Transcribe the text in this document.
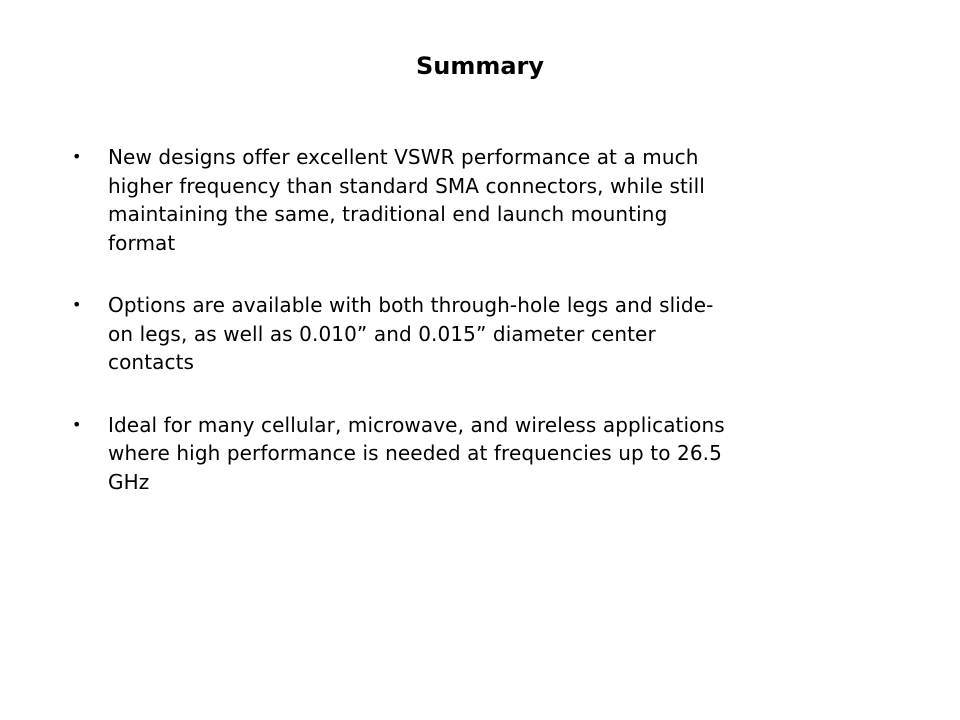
Summary
• New designs offer excellent VSWR performance at a much
higher frequency than standard SMA connectors, while still
maintaining the same, traditional end launch mounting
format
• Options are available with both through-hole legs and slide-
on legs, as well as 0.010” and 0.015” diameter center
contacts
• Ideal for many cellular, microwave, and wireless applications
where high performance is needed at frequencies up to 26.5
GHz
